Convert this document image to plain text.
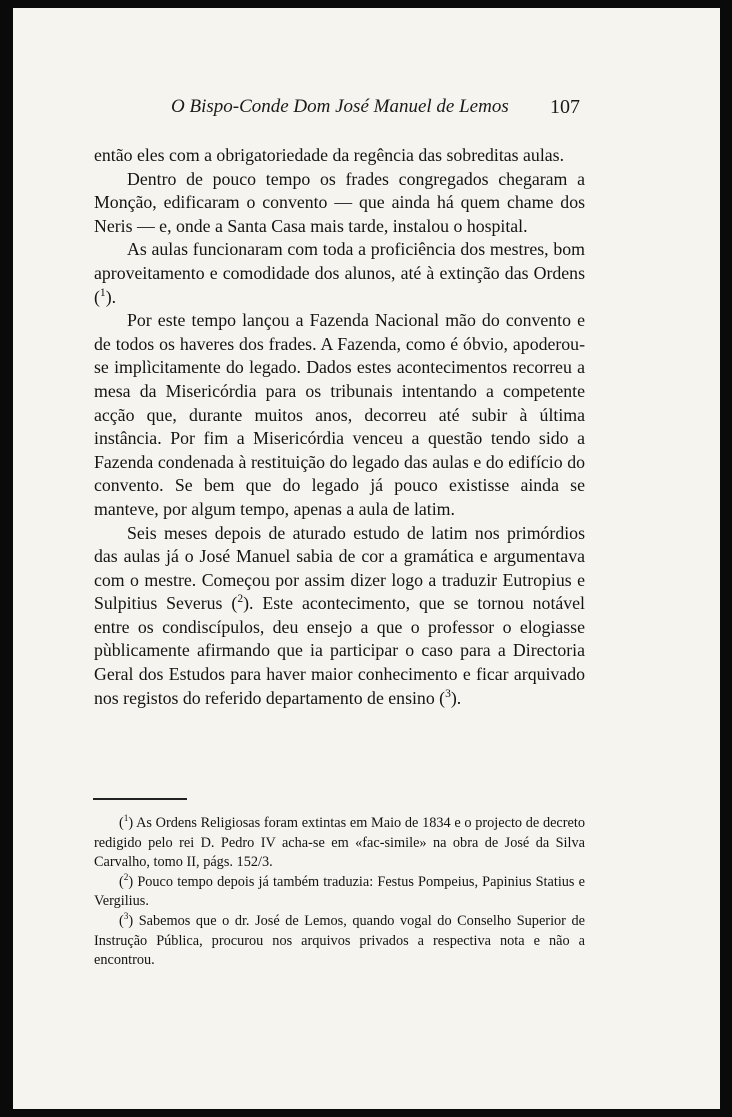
O Bispo-Conde Dom José Manuel de Lemos 107

então eles com a obrigatoriedade da regência das sobreditas aulas.

Dentro de pouco tempo os frades congregados chegaram a Monção, edificaram o convento — que ainda há quem chame dos Neris — e, onde a Santa Casa mais tarde, instalou o hospital.

As aulas funcionaram com toda a proficiência dos mestres, bom aproveitamento e comodidade dos alunos, até à extinção das Ordens ($^1$).

Por este tempo lançou a Fazenda Nacional mão do convento e de todos os haveres dos frades. A Fazenda, como é óbvio, apoderou-se implìcitamente do legado. Dados estes acontecimentos recorreu a mesa da Misericórdia para os tribunais intentando a competente acção que, durante muitos anos, decorreu até subir à última instância. Por fim a Misericórdia venceu a questão tendo sido a Fazenda condenada à restituição do legado das aulas e do edifício do convento. Se bem que do legado já pouco existisse ainda se manteve, por algum tempo, apenas a aula de latim.

Seis meses depois de aturado estudo de latim nos primórdios das aulas já o José Manuel sabia de cor a gramática e argumentava com o mestre. Começou por assim dizer logo a traduzir Eutropius e Sulpitius Severus ($^2$). Este acontecimento, que se tornou notável entre os condiscípulos, deu ensejo a que o professor o elogiasse pùblicamente afirmando que ia participar o caso para a Directoria Geral dos Estudos para haver maior conhecimento e ficar arquivado nos registos do referido departamento de ensino ($^3$).

($^1$) As Ordens Religiosas foram extintas em Maio de 1834 e o projecto de decreto redigido pelo rei D. Pedro IV acha-se em «fac-simile» na obra de José da Silva Carvalho, tomo II, págs. 152/3.

($^2$) Pouco tempo depois já também traduzia: Festus Pompeius, Papinius Statius e Vergilius.

($^3$) Sabemos que o dr. José de Lemos, quando vogal do Conselho Superior de Instrução Pública, procurou nos arquivos privados a respectiva nota e não a encontrou.
